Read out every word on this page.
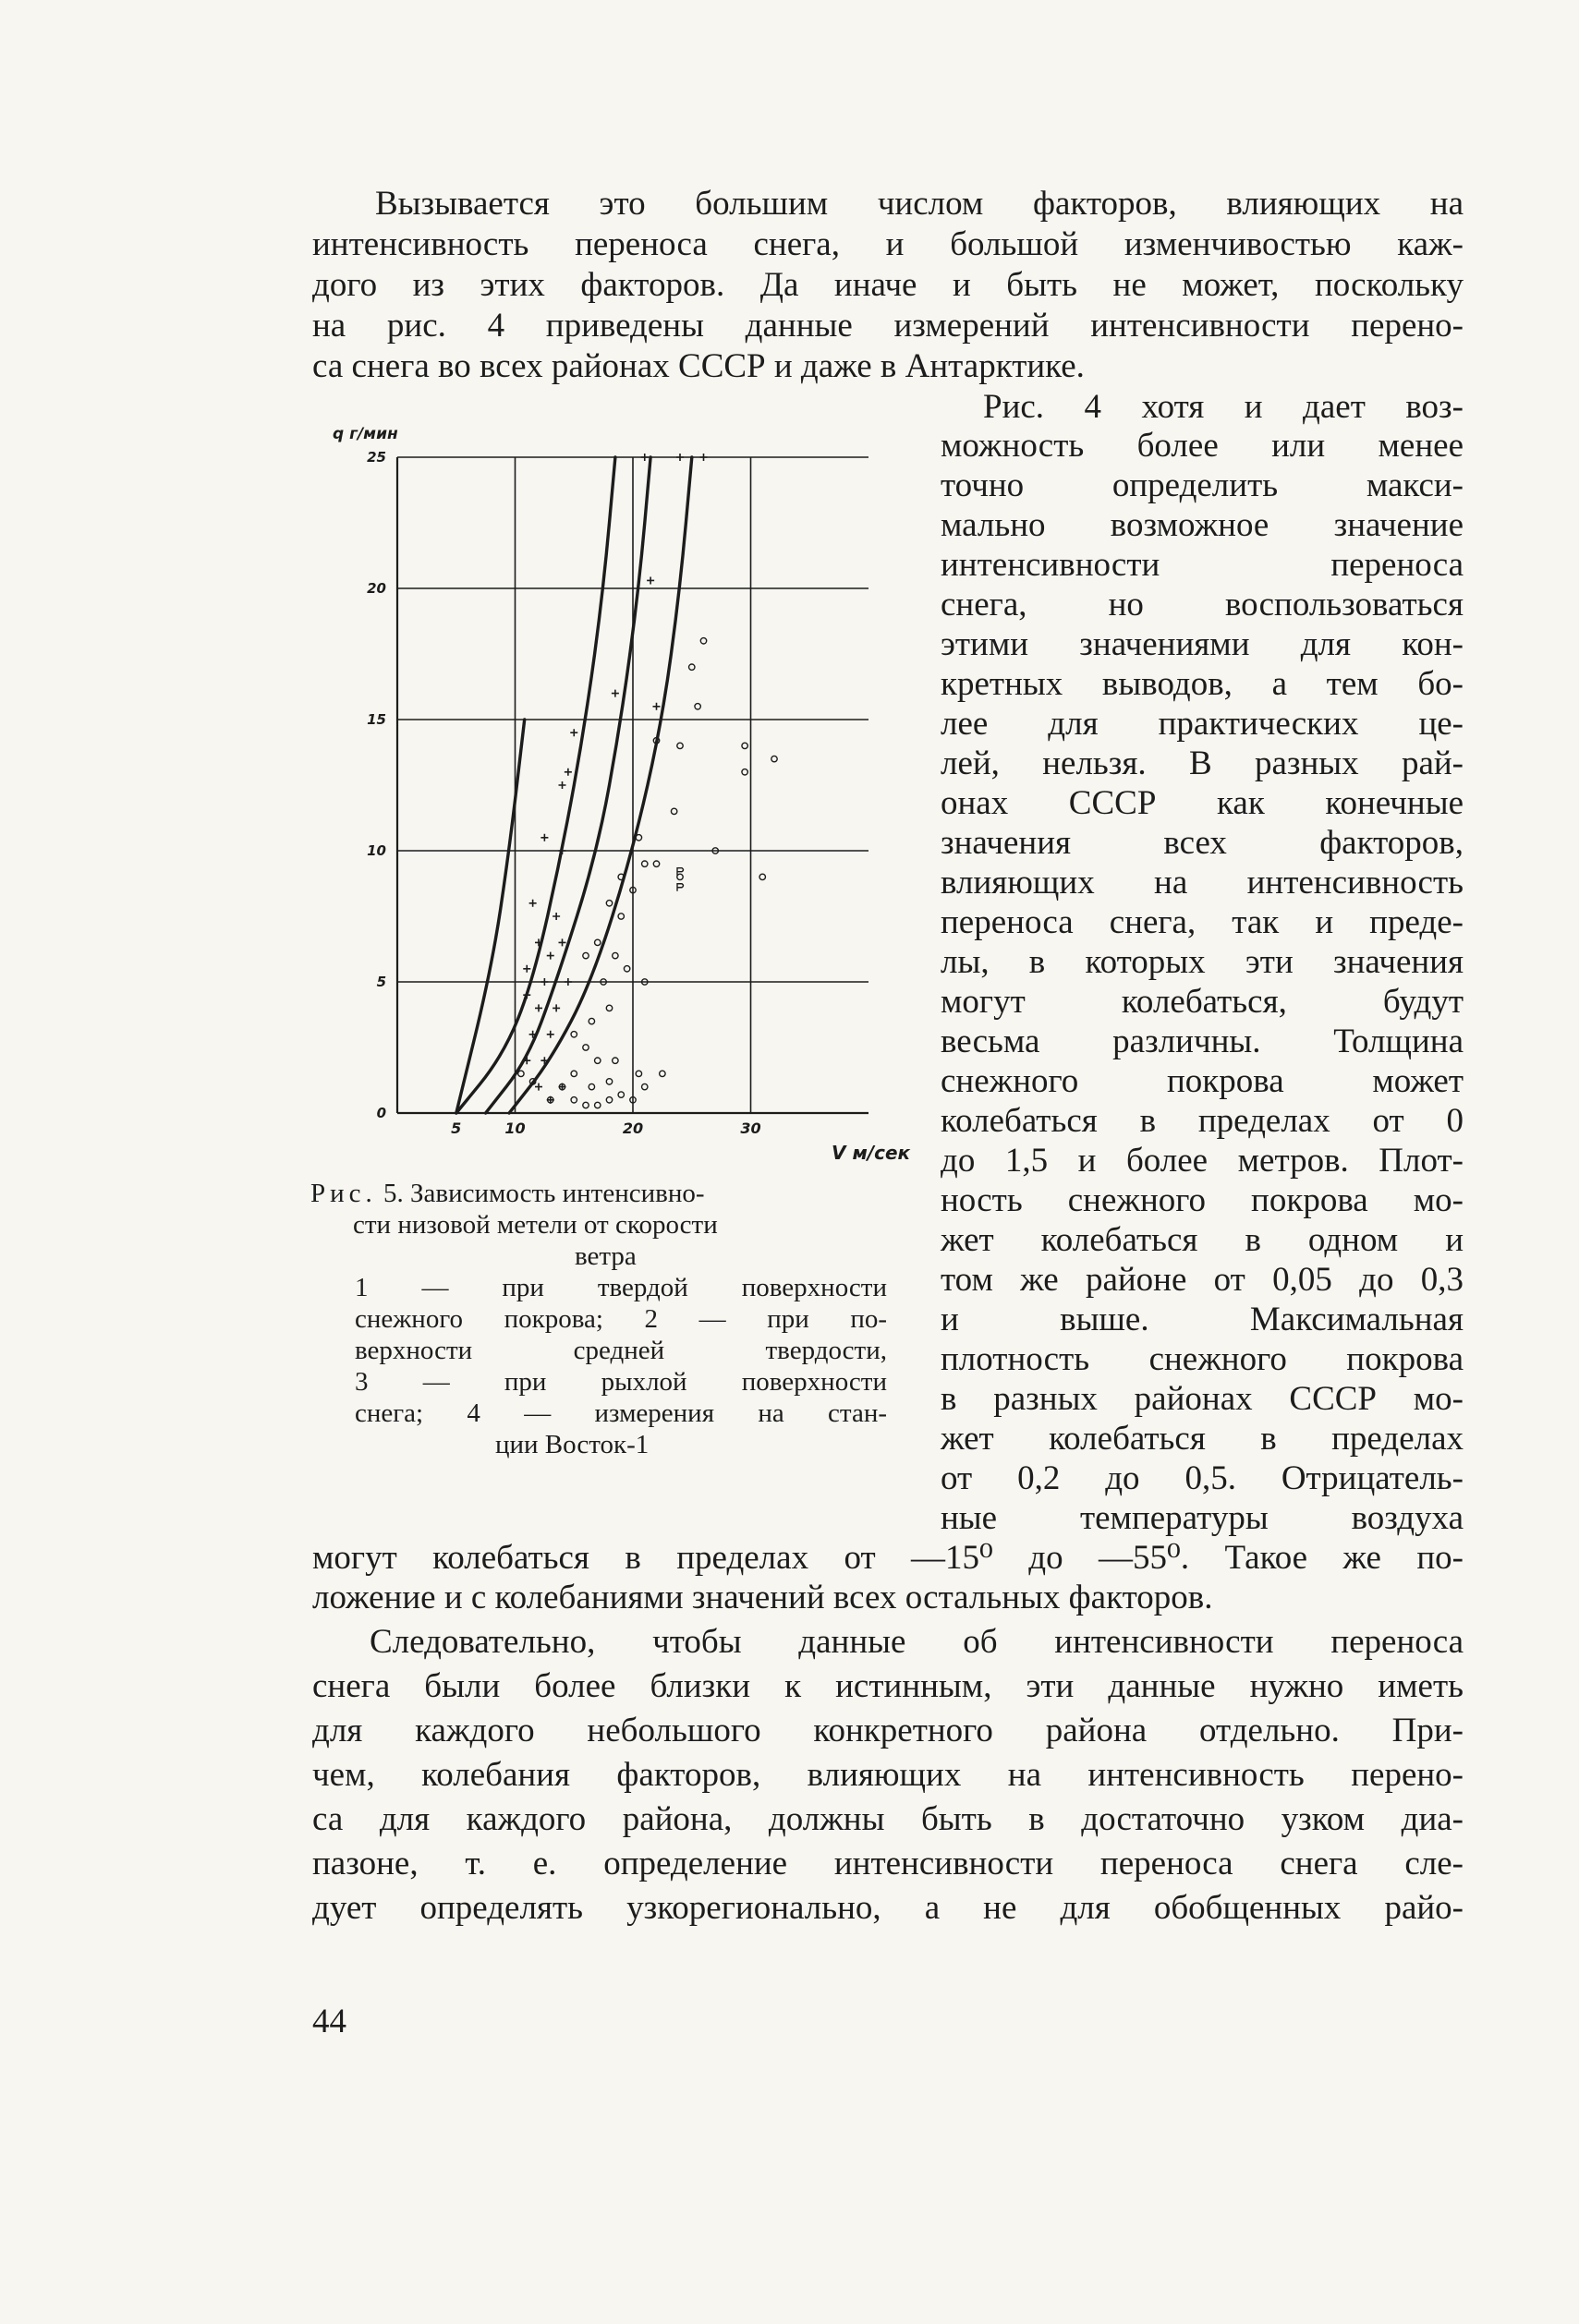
Вызывается это большим числом факторов, влияющих на

интенсивность переноса снега, и большой изменчивостью каж-

дого из этих факторов. Да иначе и быть не может, поскольку

на рис. 4 приведены данные измерений интенсивности перено-

са снега во всех районах СССР и даже в Антарктике.

Рис. 4 хотя и дает воз-

можность более или менее

точно определить макси-

мально возможное значение

интенсивности переноса

снега, но воспользоваться

этими значениями для кон-

кретных выводов, а тем бо-

лее для практических це-

лей, нельзя. В разных рай-

онах СССР как конечные

значения всех факторов,

влияющих на интенсивность

переноса снега, так и преде-

лы, в которых эти значения

могут колебаться, будут

весьма различны. Толщина

снежного покрова может

колебаться в пределах от 0

до 1,5 и более метров. Плот-

ность снежного покрова мо-

жет колебаться в одном и

том же районе от 0,05 до 0,3

и выше. Максимальная

плотность снежного покрова

в разных районах СССР мо-

жет колебаться в пределах

от 0,2 до 0,5. Отрицатель-

ные температуры воздуха

0
5
10
15
20
25
5	10	20	30
q г/мин
V м/сек

Рис. 5. Зависимость интенсивно-

сти низовой метели от скорости

ветра

1 — при твердой поверхности

снежного покрова; 2 — при по-

верхности средней твердости,

3 — при рыхлой поверхности

снега; 4 — измерения на стан-

ции Восток-1

могут колебаться в пределах от —15⁰ до —55⁰. Такое же по-

ложение и с колебаниями значений всех остальных факторов.

Следовательно, чтобы данные об интенсивности переноса

снега были более близки к истинным, эти данные нужно иметь

для каждого небольшого конкретного района отдельно. При-

чем, колебания факторов, влияющих на интенсивность перено-

са для каждого района, должны быть в достаточно узком диа-

пазоне, т. е. определение интенсивности переноса снега сле-

дует определять узкорегионально, а не для обобщенных райо-

44
